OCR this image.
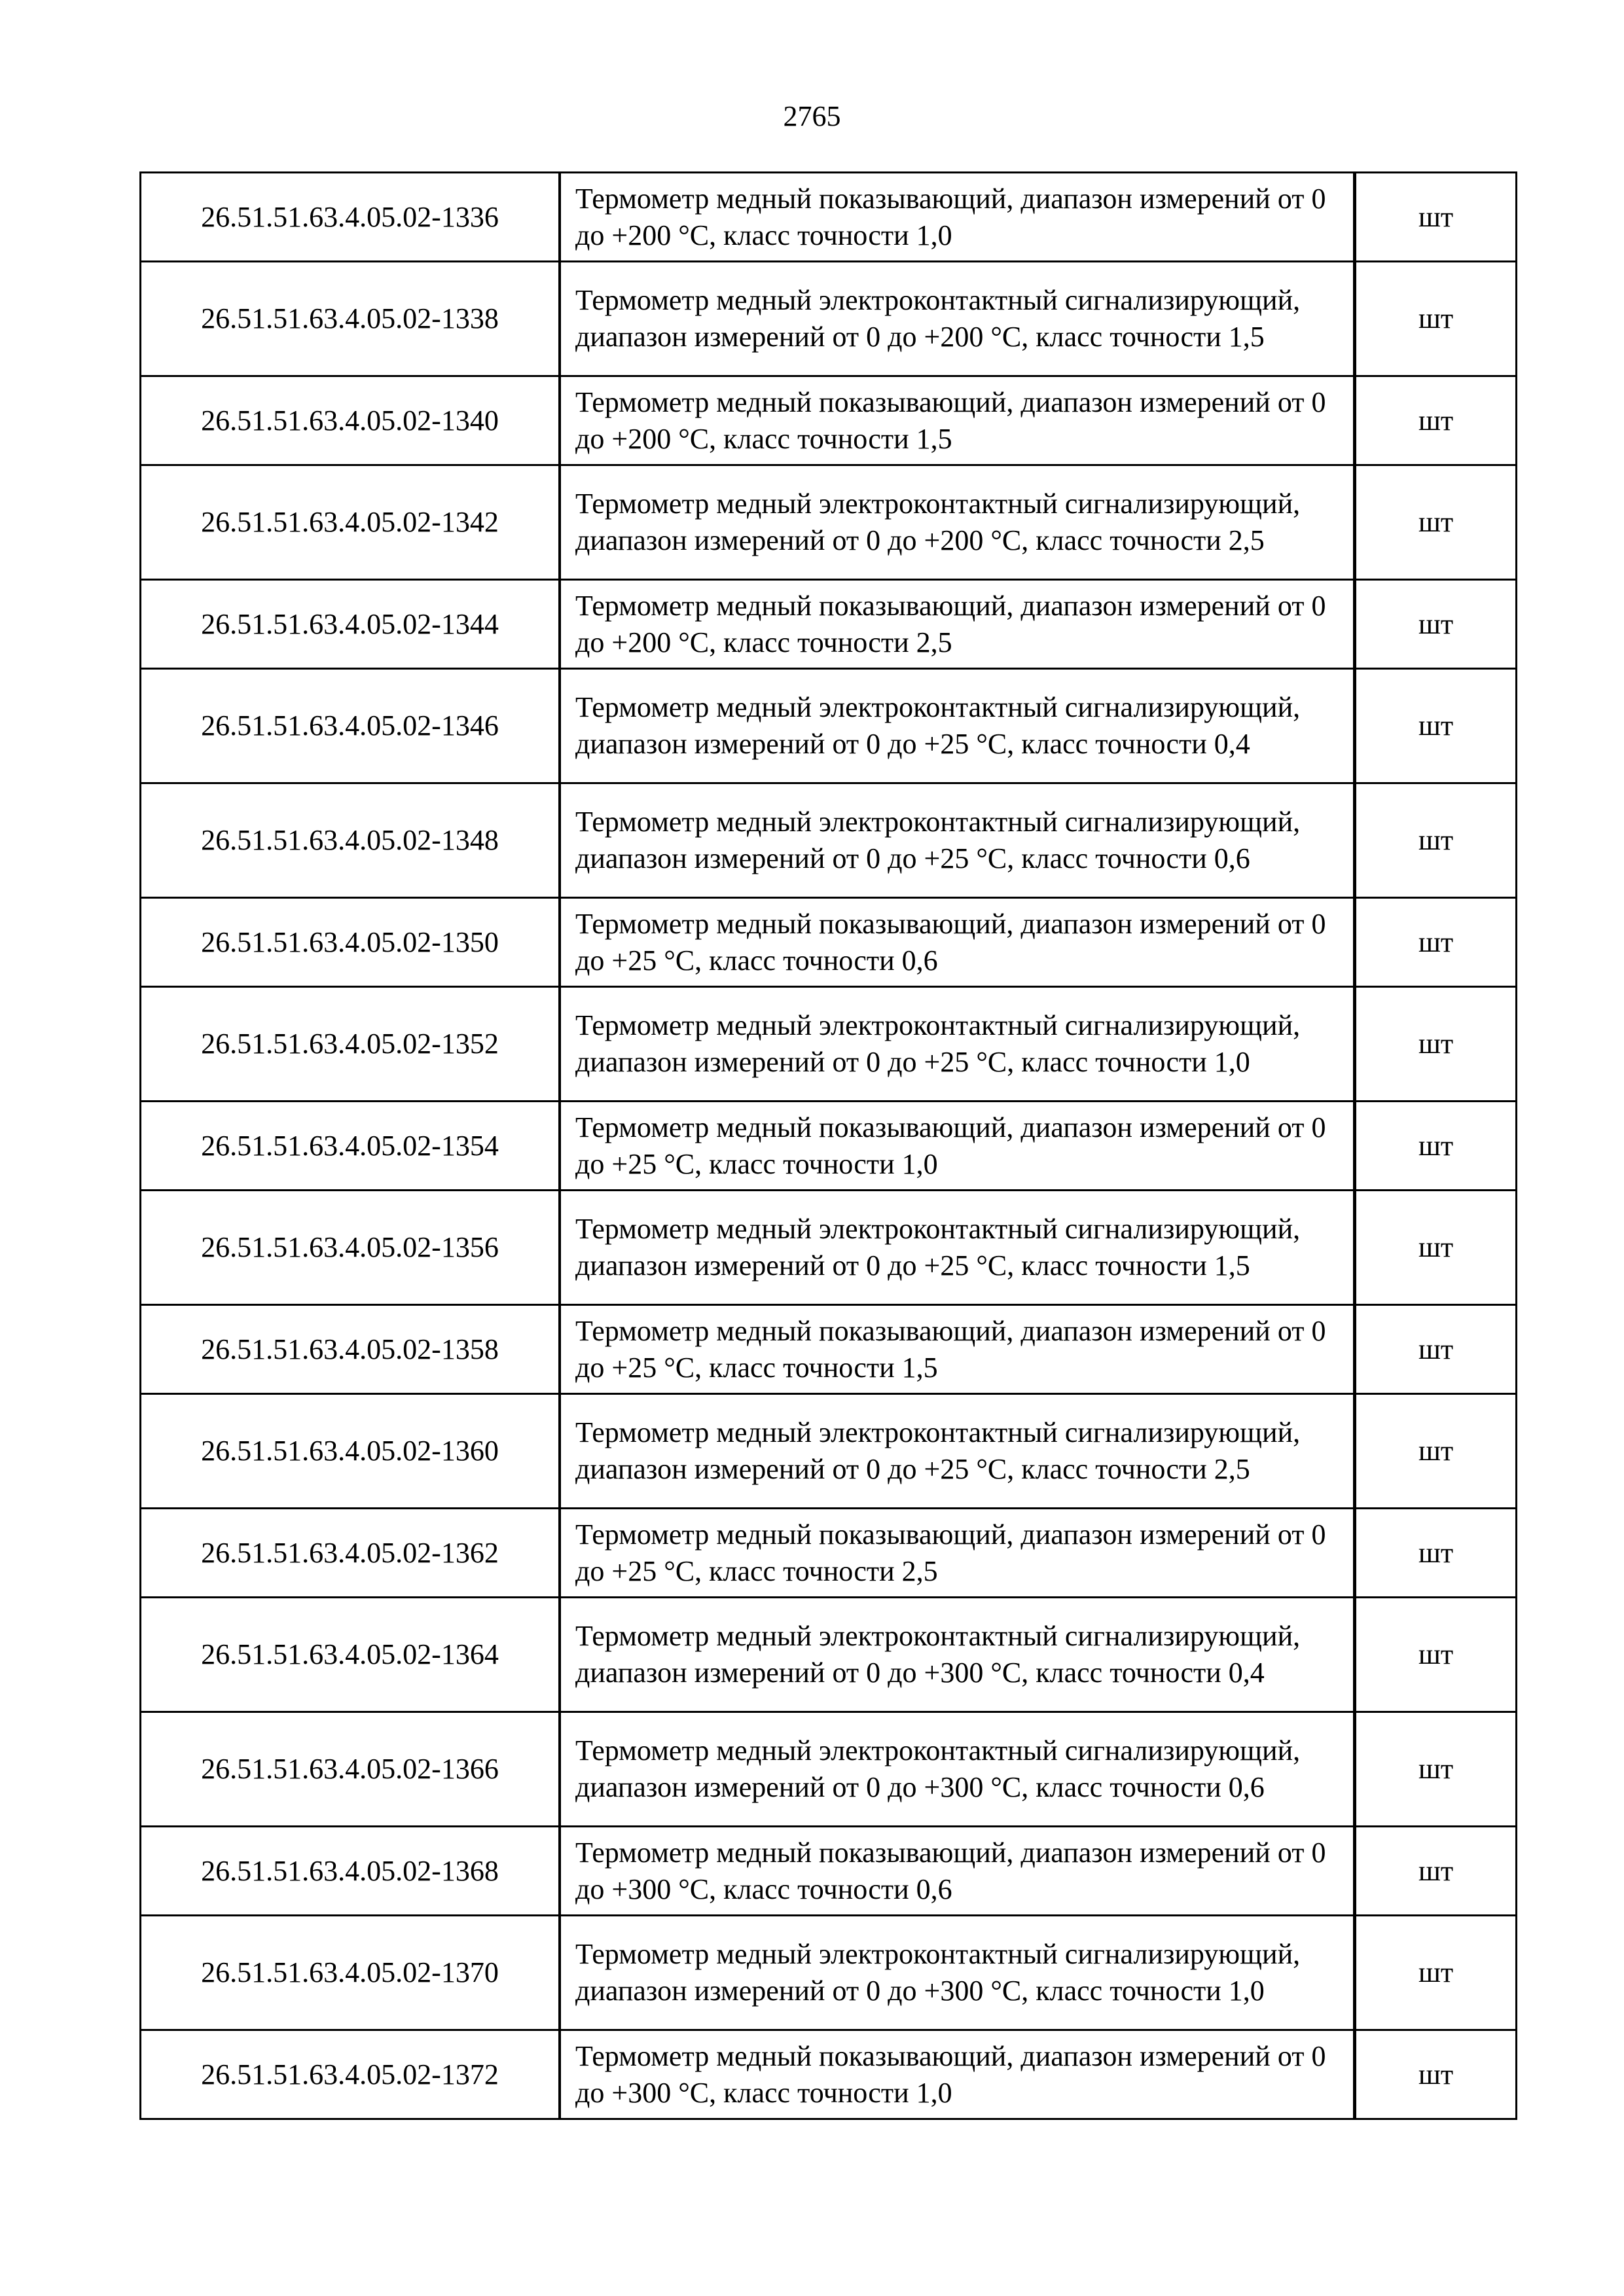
2765
26.51.51.63.4.05.02-1336	Термометр медный показывающий, диапазон измерений от 0 до +200 °С, класс точности 1,0	шт
26.51.51.63.4.05.02-1338	Термометр медный электроконтактный сигнализирующий, диапазон измерений от 0 до +200 °С, класс точности 1,5	шт
26.51.51.63.4.05.02-1340	Термометр медный показывающий, диапазон измерений от 0 до +200 °С, класс точности 1,5	шт
26.51.51.63.4.05.02-1342	Термометр медный электроконтактный сигнализирующий, диапазон измерений от 0 до +200 °С, класс точности 2,5	шт
26.51.51.63.4.05.02-1344	Термометр медный показывающий, диапазон измерений от 0 до +200 °С, класс точности 2,5	шт
26.51.51.63.4.05.02-1346	Термометр медный электроконтактный сигнализирующий, диапазон измерений от 0 до +25 °С, класс точности 0,4	шт
26.51.51.63.4.05.02-1348	Термометр медный электроконтактный сигнализирующий, диапазон измерений от 0 до +25 °С, класс точности 0,6	шт
26.51.51.63.4.05.02-1350	Термометр медный показывающий, диапазон измерений от 0 до +25 °С, класс точности 0,6	шт
26.51.51.63.4.05.02-1352	Термометр медный электроконтактный сигнализирующий, диапазон измерений от 0 до +25 °С, класс точности 1,0	шт
26.51.51.63.4.05.02-1354	Термометр медный показывающий, диапазон измерений от 0 до +25 °С, класс точности 1,0	шт
26.51.51.63.4.05.02-1356	Термометр медный электроконтактный сигнализирующий, диапазон измерений от 0 до +25 °С, класс точности 1,5	шт
26.51.51.63.4.05.02-1358	Термометр медный показывающий, диапазон измерений от 0 до +25 °С, класс точности 1,5	шт
26.51.51.63.4.05.02-1360	Термометр медный электроконтактный сигнализирующий, диапазон измерений от 0 до +25 °С, класс точности 2,5	шт
26.51.51.63.4.05.02-1362	Термометр медный показывающий, диапазон измерений от 0 до +25 °С, класс точности 2,5	шт
26.51.51.63.4.05.02-1364	Термометр медный электроконтактный сигнализирующий, диапазон измерений от 0 до +300 °С, класс точности 0,4	шт
26.51.51.63.4.05.02-1366	Термометр медный электроконтактный сигнализирующий, диапазон измерений от 0 до +300 °С, класс точности 0,6	шт
26.51.51.63.4.05.02-1368	Термометр медный показывающий, диапазон измерений от 0 до +300 °С, класс точности 0,6	шт
26.51.51.63.4.05.02-1370	Термометр медный электроконтактный сигнализирующий, диапазон измерений от 0 до +300 °С, класс точности 1,0	шт
26.51.51.63.4.05.02-1372	Термометр медный показывающий, диапазон измерений от 0 до +300 °С, класс точности 1,0	шт
